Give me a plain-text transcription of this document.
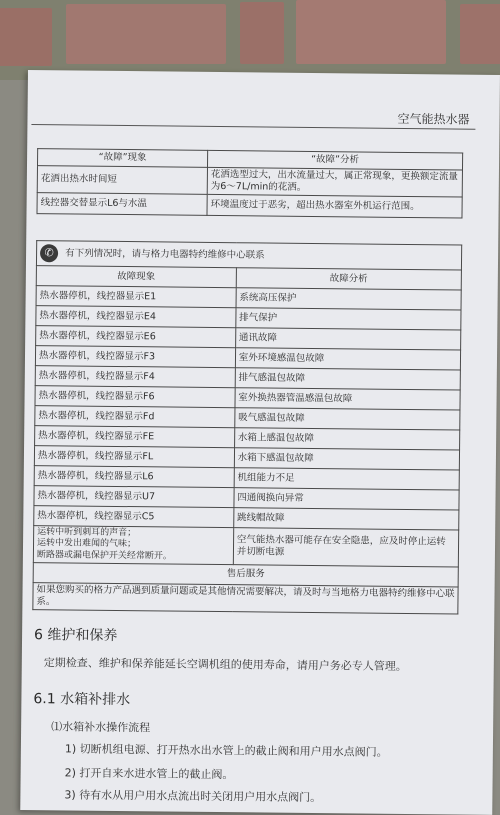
空气能热水器
“故障”现象	“故障”分析
花洒出热水时间短	花洒选型过大，出水流量过大，属正常现象，更换额定流量为6～7L/min的花洒。
线控器交替显示L6与水温	环境温度过于恶劣，超出热水器室外机运行范围。
✆ 有下列情况时，请与格力电器特约维修中心联系	
故障现象	故障分析
热水器停机，线控器显示E1	系统高压保护
热水器停机，线控器显示E4	排气保护
热水器停机，线控器显示E6	通讯故障
热水器停机，线控器显示F3	室外环境感温包故障
热水器停机，线控器显示F4	排气感温包故障
热水器停机，线控器显示F6	室外换热器管温感温包故障
热水器停机，线控器显示Fd	吸气感温包故障
热水器停机，线控器显示FE	水箱上感温包故障
热水器停机，线控器显示FL	水箱下感温包故障
热水器停机，线控器显示L6	机组能力不足
热水器停机，线控器显示U7	四通阀换向异常
热水器停机，线控器显示C5	跳线帽故障

运转中听到刺耳的声音；
运转中发出难闻的气味；
断路器或漏电保护开关经常断开。	空气能热水器可能存在安全隐患，应及时停止运转并切断电源
售后服务	
如果您购买的格力产品遇到质量问题或是其他情况需要解决，请及时与当地格力电器特约维修中心联系。	
6 维护和保养
定期检查、维护和保养能延长空调机组的使用寿命，请用户务必专人管理。
6.1 水箱补排水
⑴水箱补水操作流程
1) 切断机组电源、打开热水出水管上的截止阀和用户用水点阀门。
2) 打开自来水进水管上的截止阀。
3) 待有水从用户用水点流出时关闭用户用水点阀门。
